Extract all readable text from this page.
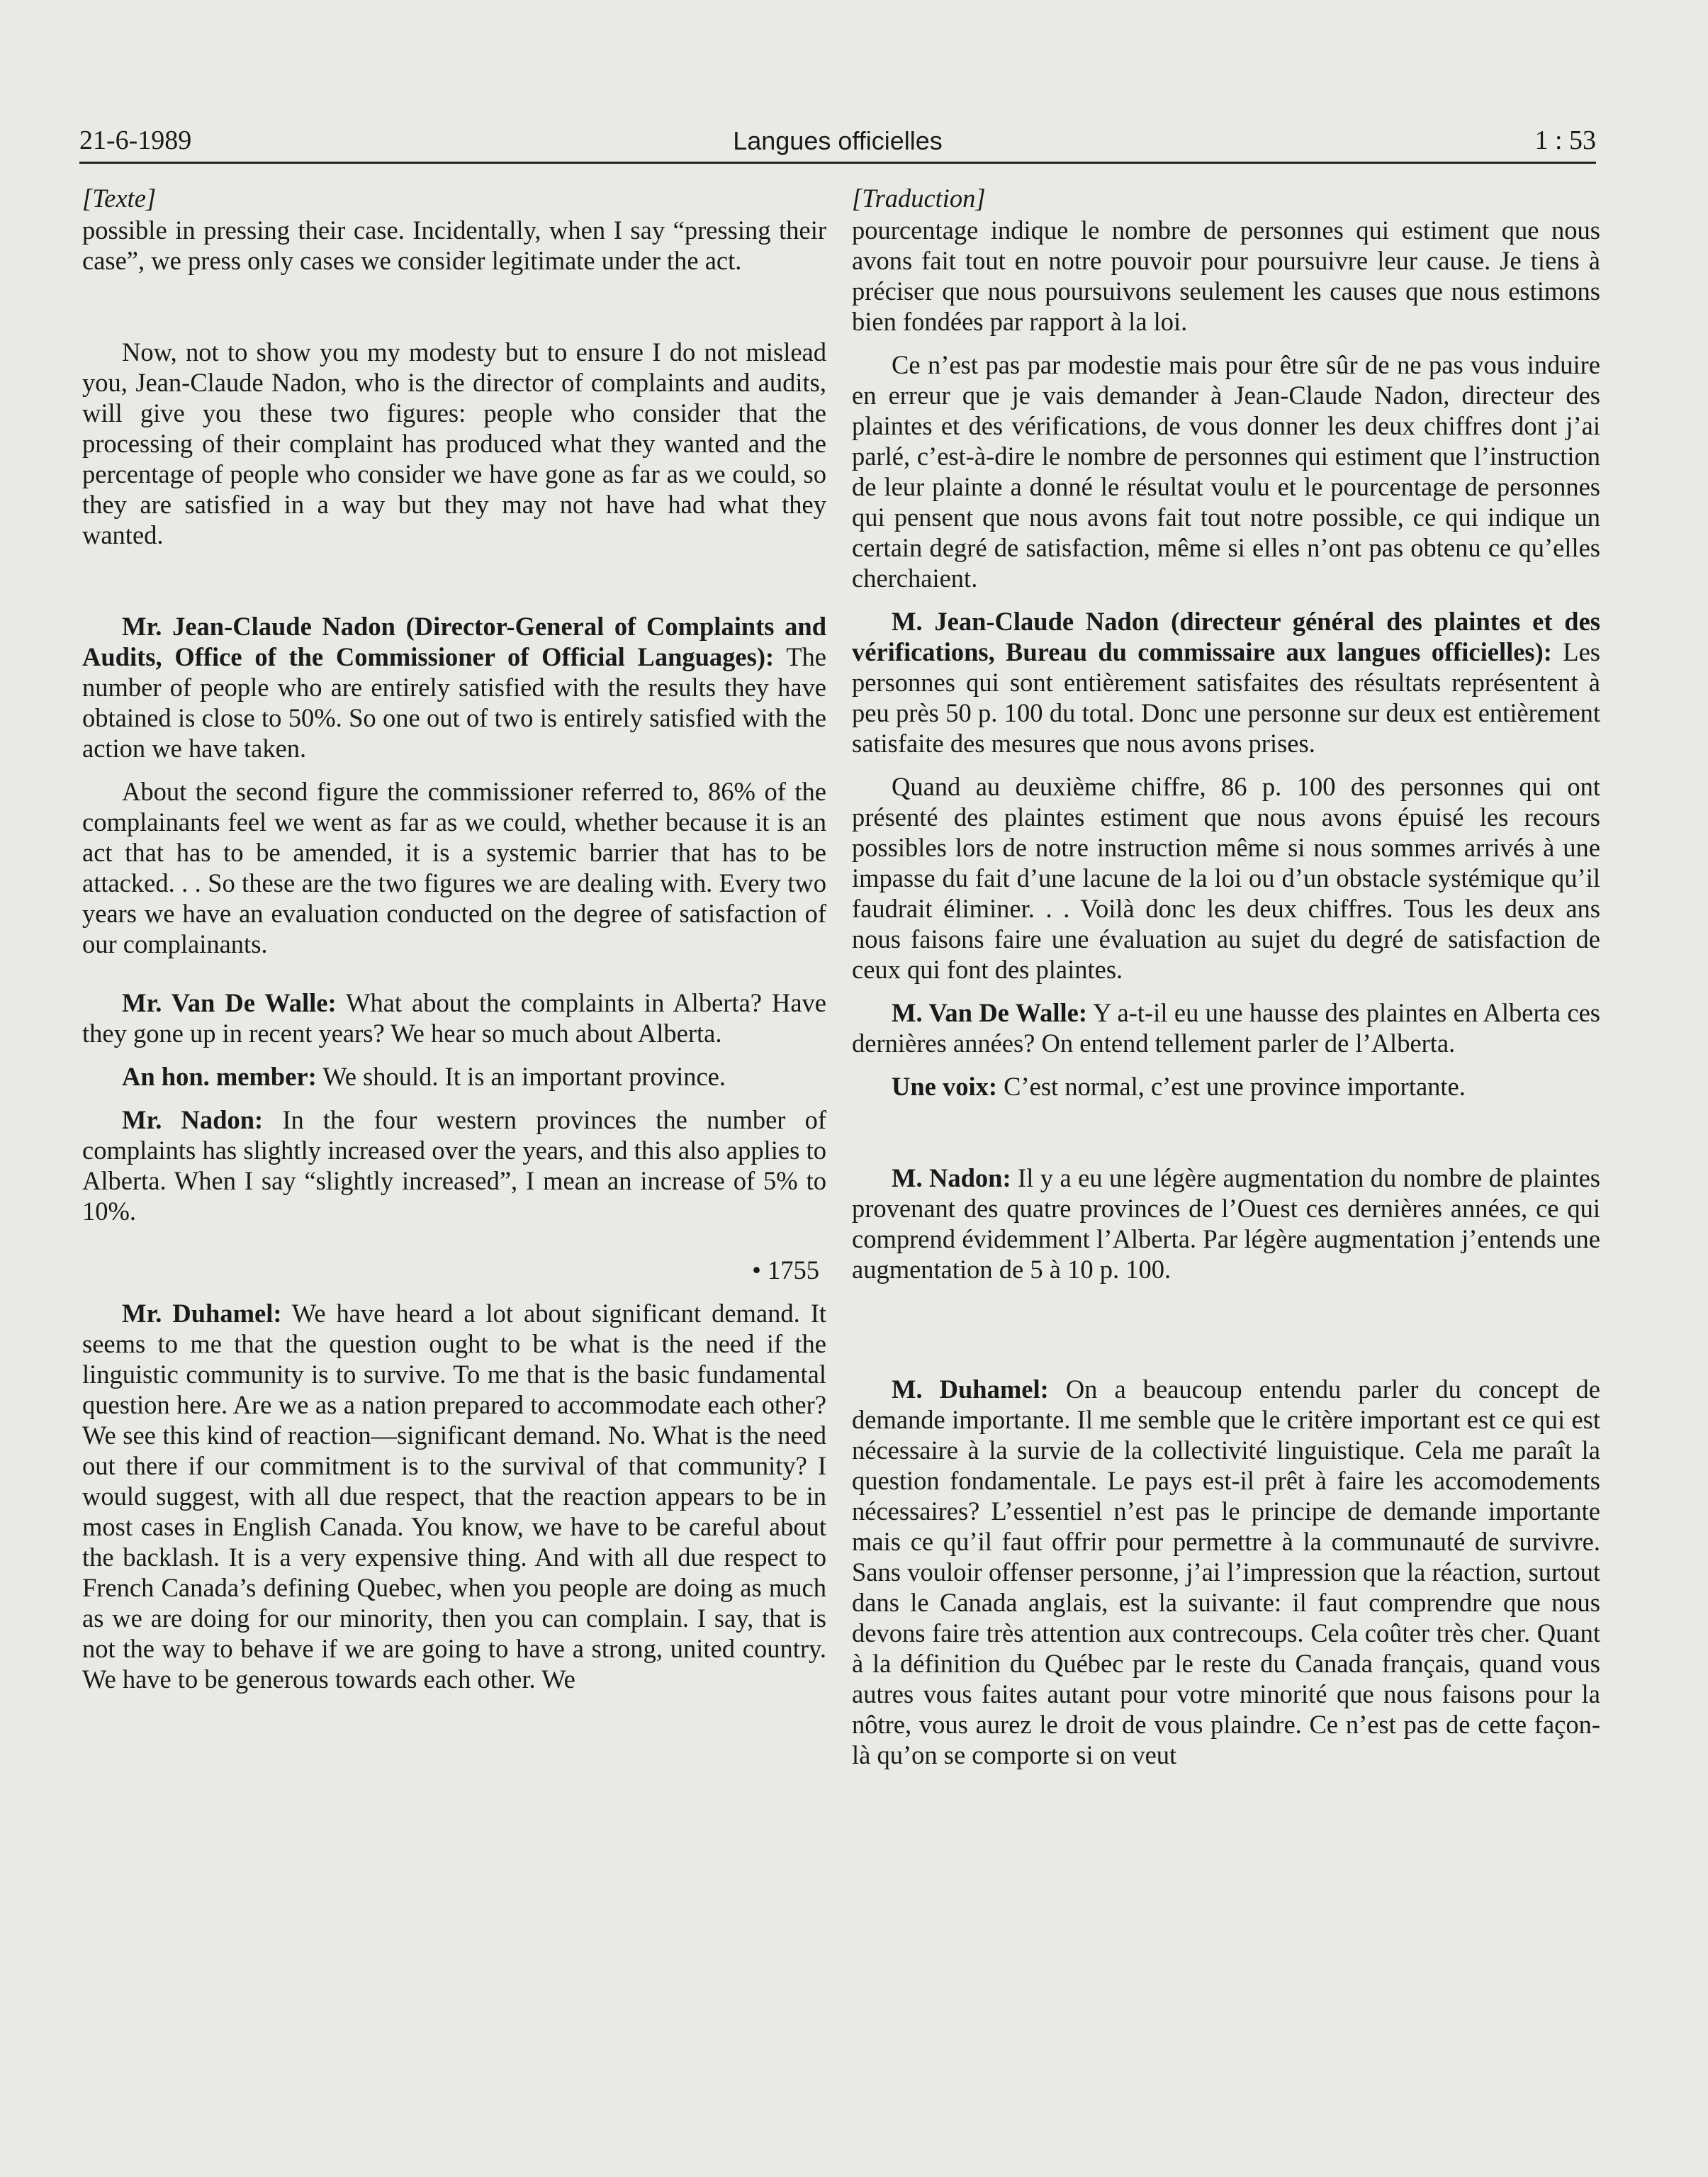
21-6-1989	Langues officielles	1 : 53

[Texte]

possible in pressing their case. Incidentally, when I say “pressing their case”, we press only cases we consider legitimate under the act.

Now, not to show you my modesty but to ensure I do not mislead you, Jean-Claude Nadon, who is the director of complaints and audits, will give you these two figures: people who consider that the processing of their complaint has produced what they wanted and the percentage of people who consider we have gone as far as we could, so they are satisfied in a way but they may not have had what they wanted.

Mr. Jean-Claude Nadon (Director-General of Complaints and Audits, Office of the Commissioner of Official Languages): The number of people who are entirely satisfied with the results they have obtained is close to 50%. So one out of two is entirely satisfied with the action we have taken.

About the second figure the commissioner referred to, 86% of the complainants feel we went as far as we could, whether because it is an act that has to be amended, it is a systemic barrier that has to be attacked. . . So these are the two figures we are dealing with. Every two years we have an evaluation conducted on the degree of satisfaction of our complainants.

Mr. Van De Walle: What about the complaints in Alberta? Have they gone up in recent years? We hear so much about Alberta.

An hon. member: We should. It is an important province.

Mr. Nadon: In the four western provinces the number of complaints has slightly increased over the years, and this also applies to Alberta. When I say “slightly increased”, I mean an increase of 5% to 10%.

• 1755

Mr. Duhamel: We have heard a lot about significant demand. It seems to me that the question ought to be what is the need if the linguistic community is to survive. To me that is the basic fundamental question here. Are we as a nation prepared to accommodate each other? We see this kind of reaction—significant demand. No. What is the need out there if our commitment is to the survival of that community? I would suggest, with all due respect, that the reaction appears to be in most cases in English Canada. You know, we have to be careful about the backlash. It is a very expensive thing. And with all due respect to French Canada’s defining Quebec, when you people are doing as much as we are doing for our minority, then you can complain. I say, that is not the way to behave if we are going to have a strong, united country. We have to be generous towards each other. We

[Traduction]

pourcentage indique le nombre de personnes qui estiment que nous avons fait tout en notre pouvoir pour poursuivre leur cause. Je tiens à préciser que nous poursuivons seulement les causes que nous estimons bien fondées par rapport à la loi.

Ce n’est pas par modestie mais pour être sûr de ne pas vous induire en erreur que je vais demander à Jean-Claude Nadon, directeur des plaintes et des vérifications, de vous donner les deux chiffres dont j’ai parlé, c’est-à-dire le nombre de personnes qui estiment que l’instruction de leur plainte a donné le résultat voulu et le pourcentage de personnes qui pensent que nous avons fait tout notre possible, ce qui indique un certain degré de satisfaction, même si elles n’ont pas obtenu ce qu’elles cherchaient.

M. Jean-Claude Nadon (directeur général des plaintes et des vérifications, Bureau du commissaire aux langues officielles): Les personnes qui sont entièrement satisfaites des résultats représentent à peu près 50 p. 100 du total. Donc une personne sur deux est entièrement satisfaite des mesures que nous avons prises.

Quand au deuxième chiffre, 86 p. 100 des personnes qui ont présenté des plaintes estiment que nous avons épuisé les recours possibles lors de notre instruction même si nous sommes arrivés à une impasse du fait d’une lacune de la loi ou d’un obstacle systémique qu’il faudrait éliminer. . . Voilà donc les deux chiffres. Tous les deux ans nous faisons faire une évaluation au sujet du degré de satisfaction de ceux qui font des plaintes.

M. Van De Walle: Y a-t-il eu une hausse des plaintes en Alberta ces dernières années? On entend tellement parler de l’Alberta.

Une voix: C’est normal, c’est une province importante.

M. Nadon: Il y a eu une légère augmentation du nombre de plaintes provenant des quatre provinces de l’Ouest ces dernières années, ce qui comprend évidemment l’Alberta. Par légère augmentation j’entends une augmentation de 5 à 10 p. 100.

M. Duhamel: On a beaucoup entendu parler du concept de demande importante. Il me semble que le critère important est ce qui est nécessaire à la survie de la collectivité linguistique. Cela me paraît la question fondamentale. Le pays est-il prêt à faire les accomodements nécessaires? L’essentiel n’est pas le principe de demande importante mais ce qu’il faut offrir pour permettre à la communauté de survivre. Sans vouloir offenser personne, j’ai l’impression que la réaction, surtout dans le Canada anglais, est la suivante: il faut comprendre que nous devons faire très attention aux contrecoups. Cela coûter très cher. Quant à la définition du Québec par le reste du Canada français, quand vous autres vous faites autant pour votre minorité que nous faisons pour la nôtre, vous aurez le droit de vous plaindre. Ce n’est pas de cette façon-là qu’on se comporte si on veut
